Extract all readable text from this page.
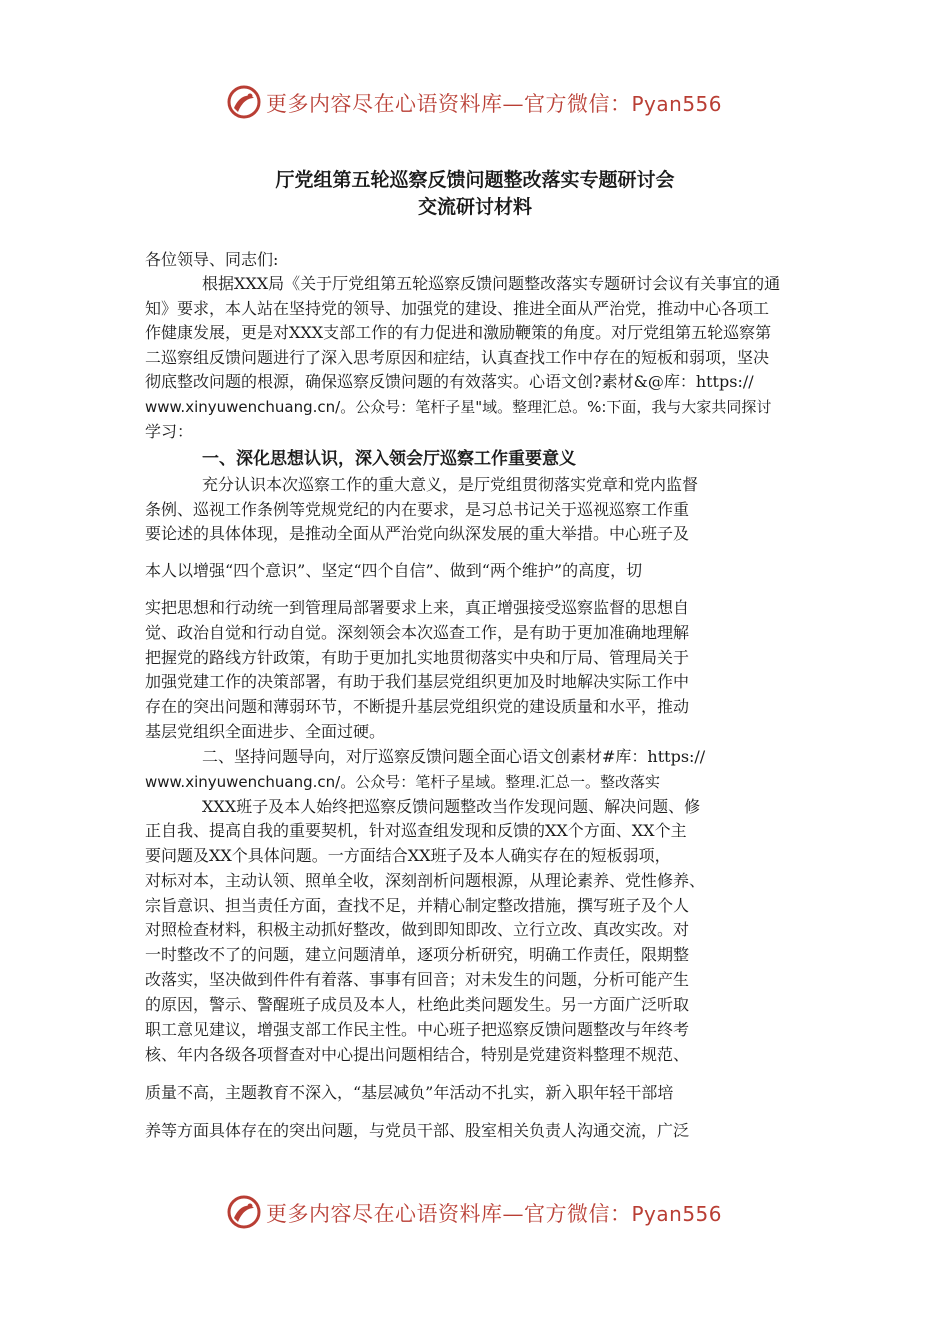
更多内容尽在心语资料库—官方微信：Pyan556
厅党组第五轮巡察反馈问题整改落实专题研讨会
交流研讨材料
各位领导、同志们:
根据XXX局《关于厅党组第五轮巡察反馈问题整改落实专题研讨会议有关事宜的通
知》要求，本人站在坚持党的领导、加强党的建设、推进全面从严治党，推动中心各项工
作健康发展，更是对XXX支部工作的有力促进和激励鞭策的角度。对厅党组第五轮巡察第
二巡察组反馈问题进行了深入思考原因和症结，认真查找工作中存在的短板和弱项，坚决
彻底整改问题的根源，确保巡察反馈问题的有效落实。心语文创?素材&@库：https://
www.xinyuwenchuang.cn/。公众号：笔杆子星"域。整理汇总。%:下面，我与大家共同探讨
学习：
一、深化思想认识，深入领会厅巡察工作重要意义
充分认识本次巡察工作的重大意义，是厅党组贯彻落实党章和党内监督
条例、巡视工作条例等党规党纪的内在要求，是习总书记关于巡视巡察工作重
要论述的具体体现，是推动全面从严治党向纵深发展的重大举措。中心班子及
本人以增强“四个意识”、坚定“四个自信”、做到“两个维护”的高度，切
实把思想和行动统一到管理局部署要求上来，真正增强接受巡察监督的思想自
觉、政治自觉和行动自觉。深刻领会本次巡查工作，是有助于更加准确地理解
把握党的路线方针政策，有助于更加扎实地贯彻落实中央和厅局、管理局关于
加强党建工作的决策部署，有助于我们基层党组织更加及时地解决实际工作中
存在的突出问题和薄弱环节，不断提升基层党组织党的建设质量和水平，推动
基层党组织全面进步、全面过硬。
二、坚持问题导向，对厅巡察反馈问题全面心语文创素材#库：https://
www.xinyuwenchuang.cn/。公众号：笔杆子星域。整理.汇总一。整改落实
XXX班子及本人始终把巡察反馈问题整改当作发现问题、解决问题、修
正自我、提高自我的重要契机，针对巡查组发现和反馈的XX个方面、XX个主
要问题及XX个具体问题。一方面结合XX班子及本人确实存在的短板弱项，
对标对本，主动认领、照单全收，深刻剖析问题根源，从理论素养、党性修养、
宗旨意识、担当责任方面，查找不足，并精心制定整改措施，撰写班子及个人
对照检查材料，积极主动抓好整改，做到即知即改、立行立改、真改实改。对
一时整改不了的问题，建立问题清单，逐项分析研究，明确工作责任，限期整
改落实，坚决做到件件有着落、事事有回音；对未发生的问题，分析可能产生
的原因，警示、警醒班子成员及本人，杜绝此类问题发生。另一方面广泛听取
职工意见建议，增强支部工作民主性。中心班子把巡察反馈问题整改与年终考
核、年内各级各项督查对中心提出问题相结合，特别是党建资料整理不规范、
质量不高，主题教育不深入，“基层减负”年活动不扎实，新入职年轻干部培
养等方面具体存在的突出问题，与党员干部、股室相关负责人沟通交流，广泛
更多内容尽在心语资料库—官方微信：Pyan556
